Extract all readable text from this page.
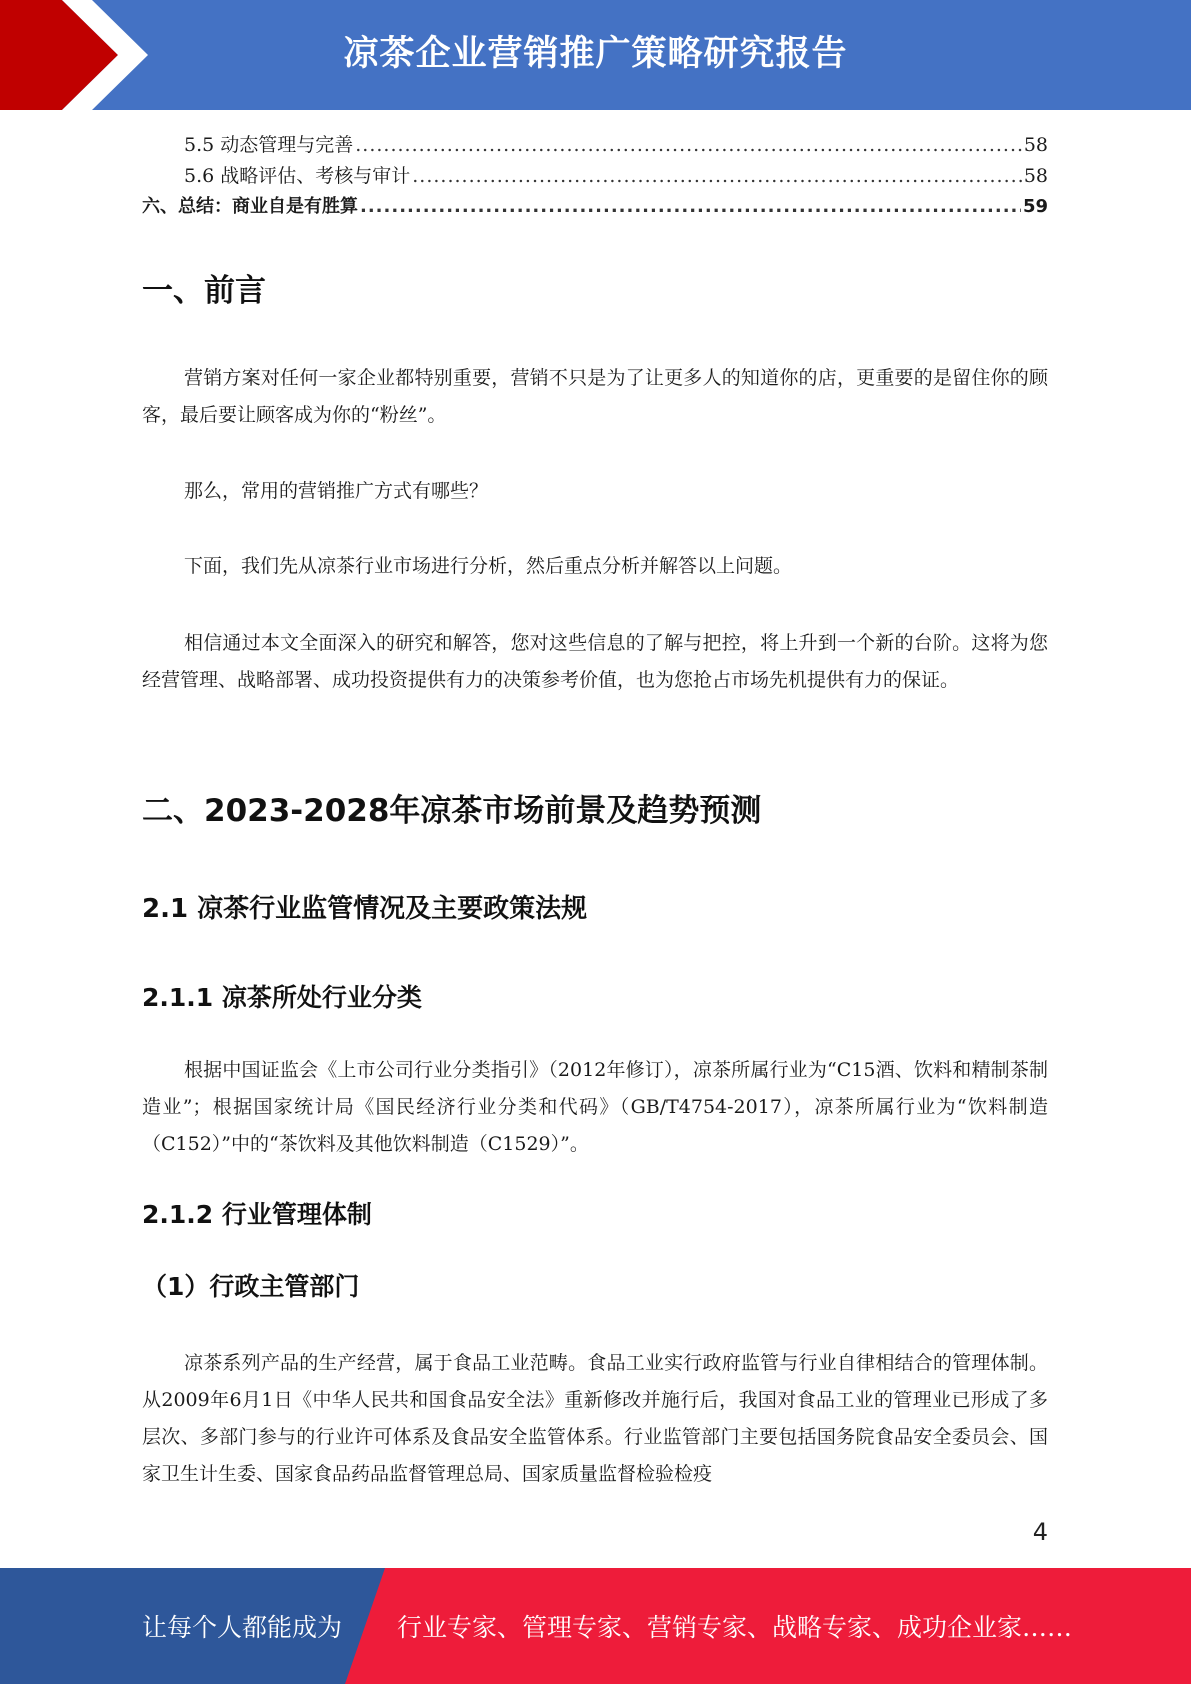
凉茶企业营销推广策略研究报告
5.5 动态管理与完善 .....	58
5.6 战略评估、考核与审计 .....	58
六、总结：商业自是有胜算 .....	59
一、前言

营销方案对任何一家企业都特别重要，营销不只是为了让更多人的知道你的店，更重要的是留住你的顾客，最后要让顾客成为你的“粉丝”。

那么，常用的营销推广方式有哪些？

下面，我们先从凉茶行业市场进行分析，然后重点分析并解答以上问题。

相信通过本文全面深入的研究和解答，您对这些信息的了解与把控，将上升到一个新的台阶。这将为您经营管理、战略部署、成功投资提供有力的决策参考价值，也为您抢占市场先机提供有力的保证。

二、2023-2028年凉茶市场前景及趋势预测
2.1 凉茶行业监管情况及主要政策法规
2.1.1 凉茶所处行业分类

根据中国证监会《上市公司行业分类指引》（2012年修订），凉茶所属行业为“C15酒、饮料和精制茶制造业”；根据国家统计局《国民经济行业分类和代码》（GB/T4754-2017），凉茶所属行业为“饮料制造（C152）”中的“茶饮料及其他饮料制造（C1529）”。

2.1.2 行业管理体制
（1）行政主管部门

凉茶系列产品的生产经营，属于食品工业范畴。食品工业实行政府监管与行业自律相结合的管理体制。从2009年6月1日《中华人民共和国食品安全法》重新修改并施行后，我国对食品工业的管理业已形成了多层次、多部门参与的行业许可体系及食品安全监管体系。行业监管部门主要包括国务院食品安全委员会、国家卫生计生委、国家食品药品监督管理总局、国家质量监督检验检疫

4
让每个人都能成为 行业专家、管理专家、营销专家、战略专家、成功企业家……
